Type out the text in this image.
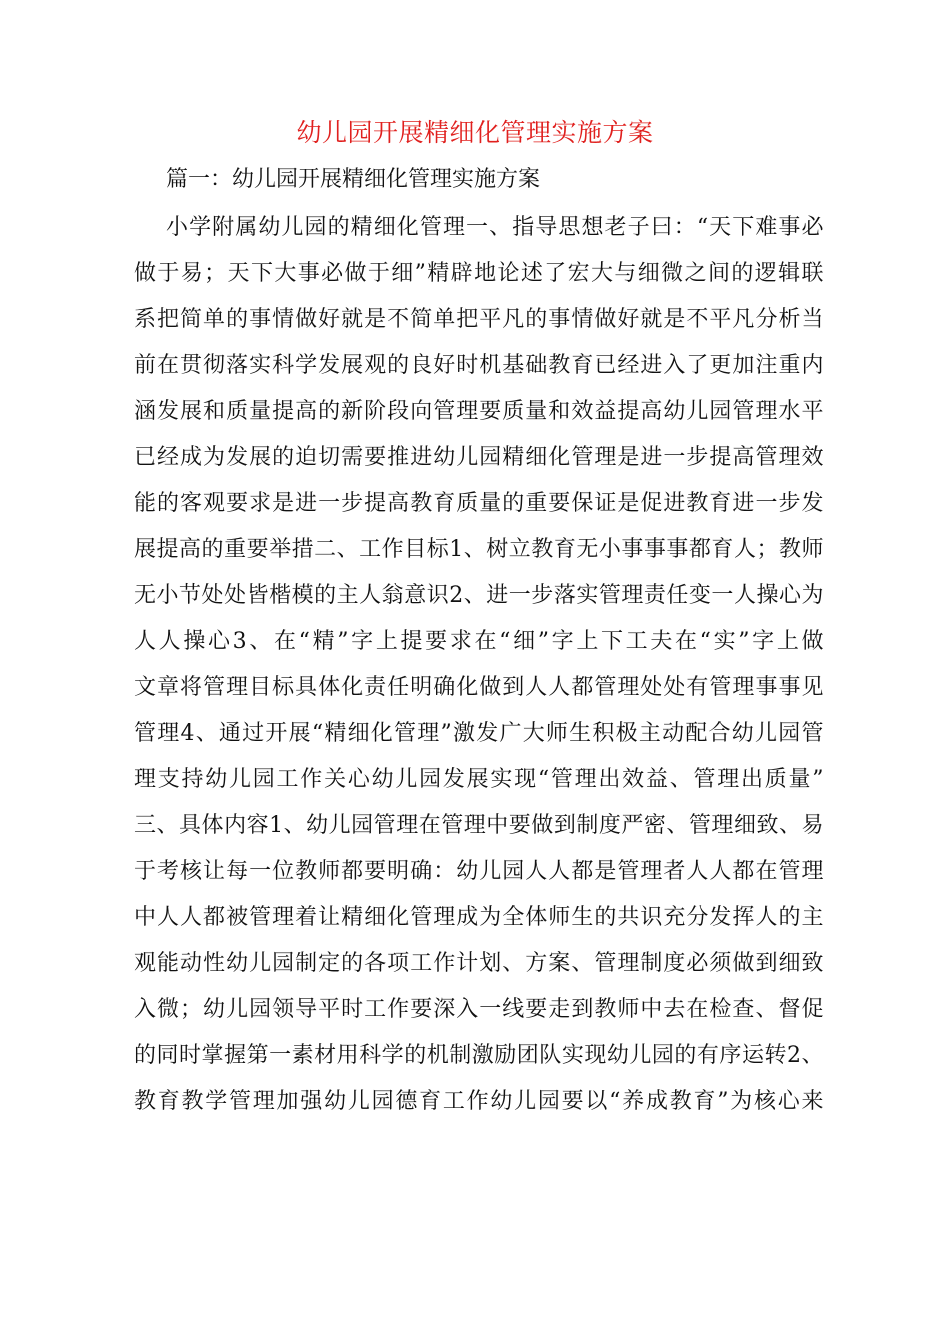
幼儿园开展精细化管理实施方案
篇一：幼儿园开展精细化管理实施方案
小学附属幼儿园的精细化管理一、指导思想老子曰：“天下难事必
做于易；天下大事必做于细”精辟地论述了宏大与细微之间的逻辑联
系把简单的事情做好就是不简单把平凡的事情做好就是不平凡分析当
前在贯彻落实科学发展观的良好时机基础教育已经进入了更加注重内
涵发展和质量提高的新阶段向管理要质量和效益提高幼儿园管理水平
已经成为发展的迫切需要推进幼儿园精细化管理是进一步提高管理效
能的客观要求是进一步提高教育质量的重要保证是促进教育进一步发
展提高的重要举措二、工作目标1、树立教育无小事事事都育人；教师
无小节处处皆楷模的主人翁意识2、进一步落实管理责任变一人操心为
人人操心3、在“精”字上提要求在“细”字上下工夫在“实”字上做
文章将管理目标具体化责任明确化做到人人都管理处处有管理事事见
管理4、通过开展“精细化管理”激发广大师生积极主动配合幼儿园管
理支持幼儿园工作关心幼儿园发展实现“管理出效益、管理出质量”
三、具体内容1、幼儿园管理在管理中要做到制度严密、管理细致、易
于考核让每一位教师都要明确：幼儿园人人都是管理者人人都在管理
中人人都被管理着让精细化管理成为全体师生的共识充分发挥人的主
观能动性幼儿园制定的各项工作计划、方案、管理制度必须做到细致
入微；幼儿园领导平时工作要深入一线要走到教师中去在检查、督促
的同时掌握第一素材用科学的机制激励团队实现幼儿园的有序运转2、
教育教学管理加强幼儿园德育工作幼儿园要以“养成教育”为核心来
